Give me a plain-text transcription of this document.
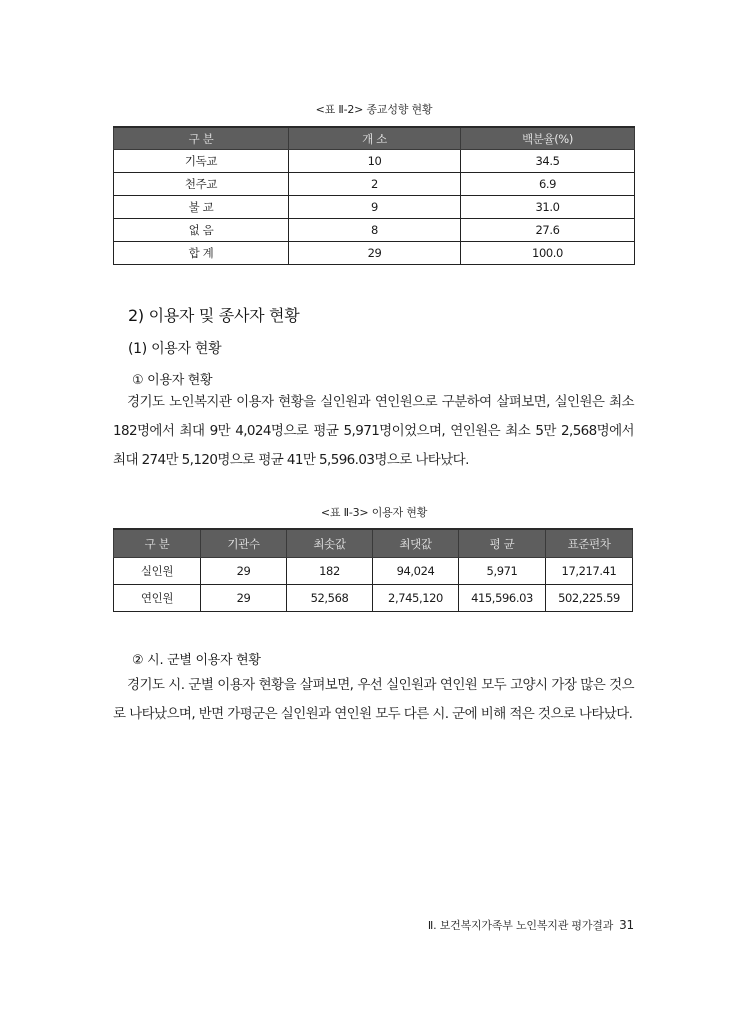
<표 Ⅱ-2> 종교성향 현황
구 분	개 소	백분율(%)
기독교	10	34.5
천주교	2	6.9
불 교	9	31.0
없 음	8	27.6
합 계	29	100.0
2) 이용자 및 종사자 현황
(1) 이용자 현황
① 이용자 현황

경기도 노인복지관 이용자 현황을 실인원과 연인원으로 구분하여 살펴보면, 실인원은 최소 182명에서 최대 9만 4,024명으로 평균 5,971명이었으며, 연인원은 최소 5만 2,568명에서 최대 274만 5,120명으로 평균 41만 5,596.03명으로 나타났다.

<표 Ⅱ-3> 이용자 현황
구 분	기관수	최솟값	최댓값	평 균	표준편차
실인원	29	182	94,024	5,971	17,217.41
연인원	29	52,568	2,745,120	415,596.03	502,225.59
② 시. 군별 이용자 현황

경기도 시. 군별 이용자 현황을 살펴보면, 우선 실인원과 연인원 모두 고양시 가장 많은 것으로 나타났으며, 반면 가평군은 실인원과 연인원 모두 다른 시. 군에 비해 적은 것으로 나타났다.

Ⅱ. 보건복지가족부 노인복지관 평가결과 31
